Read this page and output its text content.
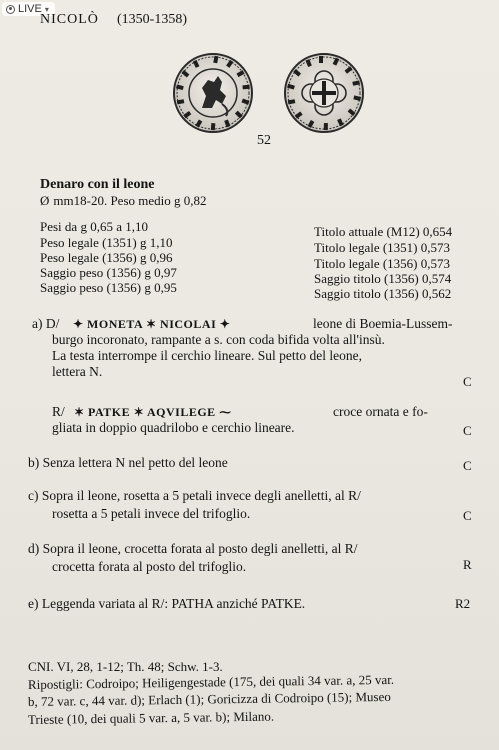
LIVE ▾
NICOLÒ (1350-1358)
52
Denaro con il leone
Ø mm18-20. Peso medio g 0,82
Pesi da g 0,65 a 1,10
Peso legale (1351) g 1,10
Peso legale (1356) g 0,96
Saggio peso (1356) g 0,97
Saggio peso (1356) g 0,95
Titolo attuale (M12) 0,654
Titolo legale (1351) 0,573
Titolo legale (1356) 0,573
Saggio titolo (1356) 0,574
Saggio titolo (1356) 0,562
a) D/ ✦ MONETA ✶ NICOLAI ✦	leone di Boemia-Lussem-
burgo incoronato, rampante a s. con coda bifida volta all'insù.
La testa interrompe il cerchio lineare. Sul petto del leone,
lettera N.
C
R/ ✶ PATKE ✶ AQVILEGE ⁓	croce ornata e fo-
gliata in doppio quadrilobo e cerchio lineare.	C
b) Senza lettera N nel petto del leone	C
c) Sopra il leone, rosetta a 5 petali invece degli anelletti, al R/
rosetta a 5 petali invece del trifoglio.	C
d) Sopra il leone, crocetta forata al posto degli anelletti, al R/
crocetta forata al posto del trifoglio.	R
e) Leggenda variata al R/: PATHA anziché PATKE.	R2
CNI. VI, 28, 1-12; Th. 48; Schw. 1-3.
Ripostigli: Codroipo; Heiligengestade (175, dei quali 34 var. a, 25 var.
b, 72 var. c, 44 var. d); Erlach (1); Goricizza di Codroipo (15); Museo
Trieste (10, dei quali 5 var. a, 5 var. b); Milano.
